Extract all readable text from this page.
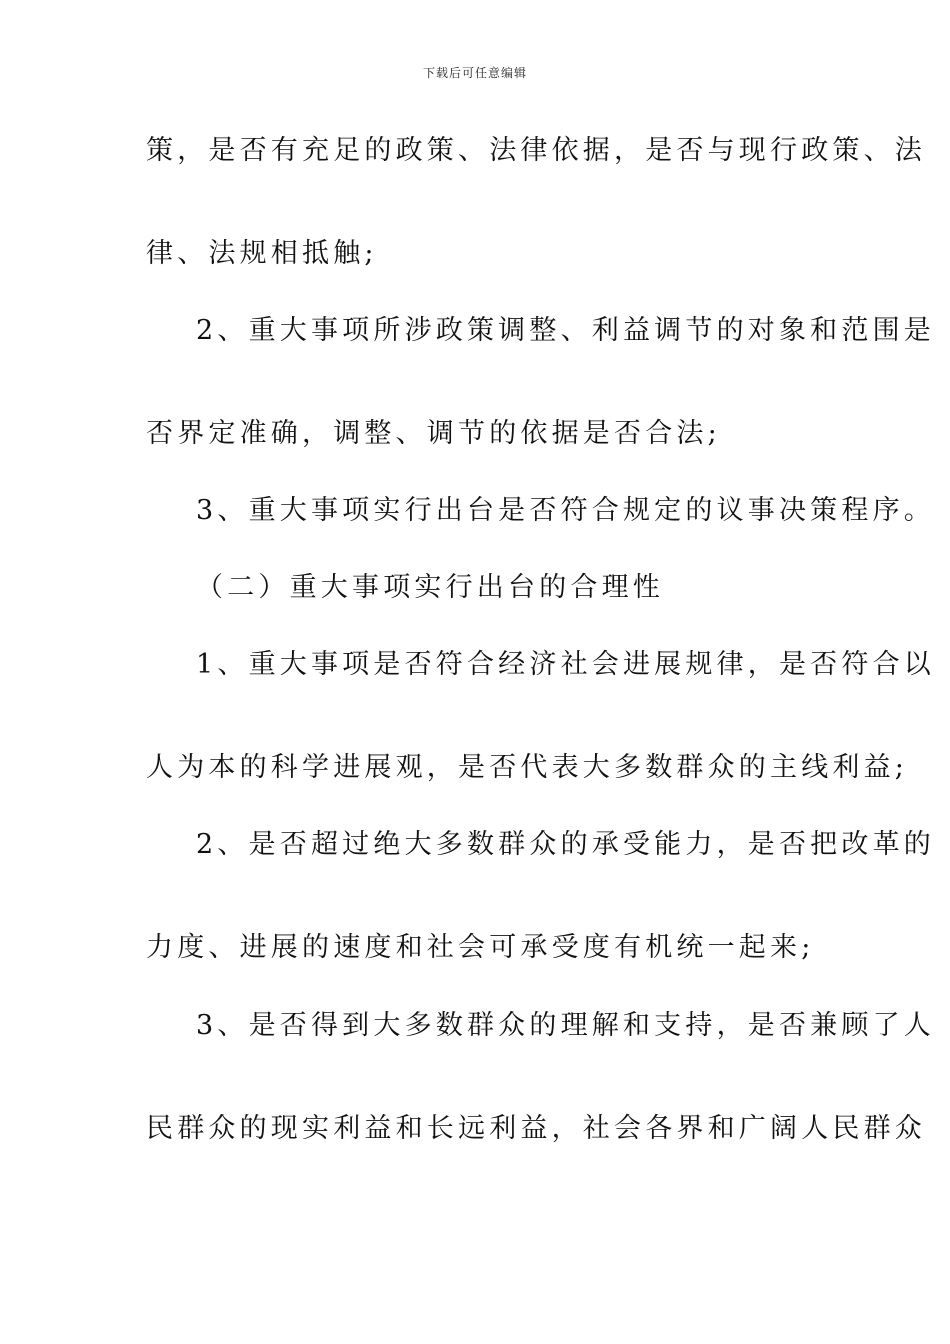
下载后可任意编辑
策，是否有充足的政策、法律依据，是否与现行政策、法
律、法规相抵触;
2、重大事项所涉政策调整、利益调节的对象和范围是
否界定准确，调整、调节的依据是否合法;
3、重大事项实行出台是否符合规定的议事决策程序。
（二）重大事项实行出台的合理性
1、重大事项是否符合经济社会进展规律，是否符合以
人为本的科学进展观，是否代表大多数群众的主线利益;
2、是否超过绝大多数群众的承受能力，是否把改革的
力度、进展的速度和社会可承受度有机统一起来;
3、是否得到大多数群众的理解和支持，是否兼顾了人
民群众的现实利益和长远利益，社会各界和广阔人民群众
